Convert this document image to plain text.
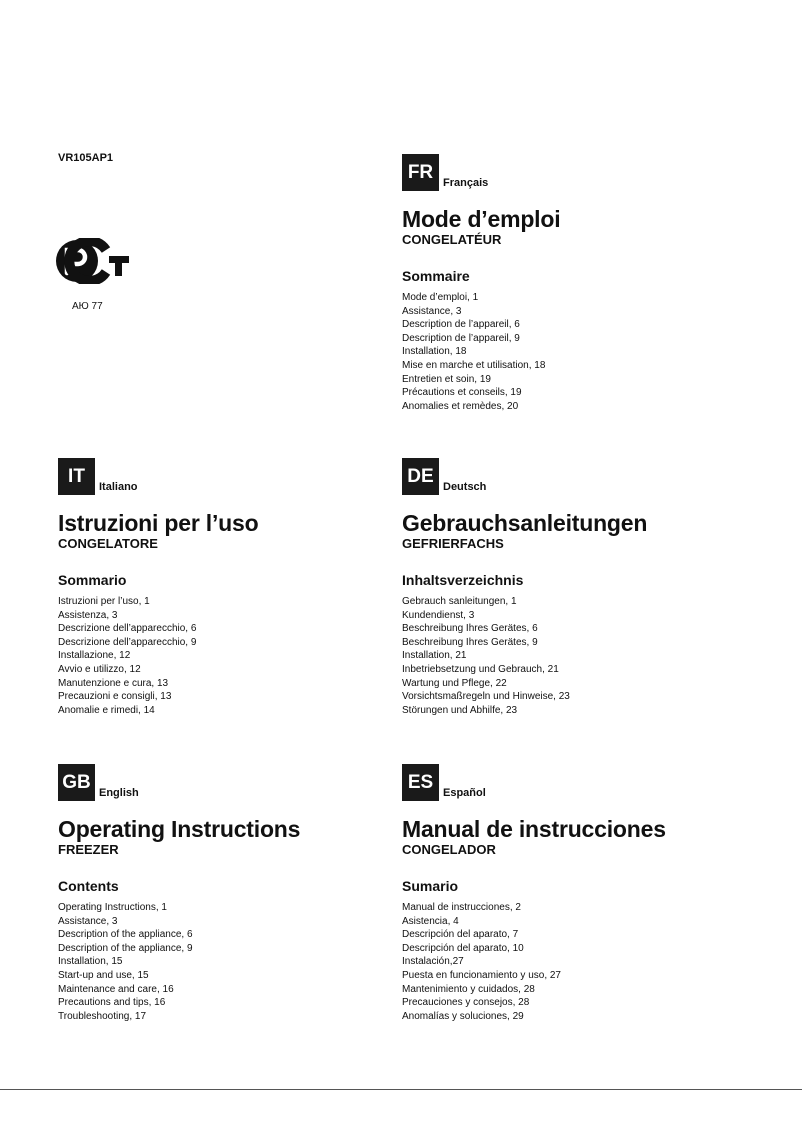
VR105AP1
АЮ 77
FR
Français
Mode d’emploi
CONGELATÉUR
Sommaire
Mode d’emploi, 1
Assistance, 3
Description de l’appareil, 6
Description de l’appareil, 9
Installation, 18
Mise en marche et utilisation, 18
Entretien et soin, 19
Précautions et conseils, 19
Anomalies et remèdes, 20
IT
Italiano
Istruzioni per l’uso
CONGELATORE
Sommario
Istruzioni per l’uso, 1
Assistenza, 3
Descrizione dell’apparecchio, 6
Descrizione dell’apparecchio, 9
Installazione, 12
Avvio e utilizzo, 12
Manutenzione e cura, 13
Precauzioni e consigli, 13
Anomalie e rimedi, 14
DE
Deutsch
Gebrauchsanleitungen
GEFRIERFACHS
Inhaltsverzeichnis
Gebrauch sanleitungen, 1
Kundendienst, 3
Beschreibung Ihres Gerätes, 6
Beschreibung Ihres Gerätes, 9
Installation, 21
Inbetriebsetzung und Gebrauch, 21
Wartung und Pflege, 22
Vorsichtsmaßregeln und Hinweise, 23
Störungen und Abhilfe, 23
GB
English
Operating Instructions
FREEZER
Contents
Operating Instructions, 1
Assistance, 3
Description of the appliance, 6
Description of the appliance, 9
Installation, 15
Start-up and use, 15
Maintenance and care, 16
Precautions and tips, 16
Troubleshooting, 17
ES
Español
Manual de instrucciones
CONGELADOR
Sumario
Manual de instrucciones, 2
Asistencia, 4
Descripción del aparato, 7
Descripción del aparato, 10
Instalación,27
Puesta en funcionamiento y uso, 27
Mantenimiento y cuidados, 28
Precauciones y consejos, 28
Anomalías y soluciones, 29
